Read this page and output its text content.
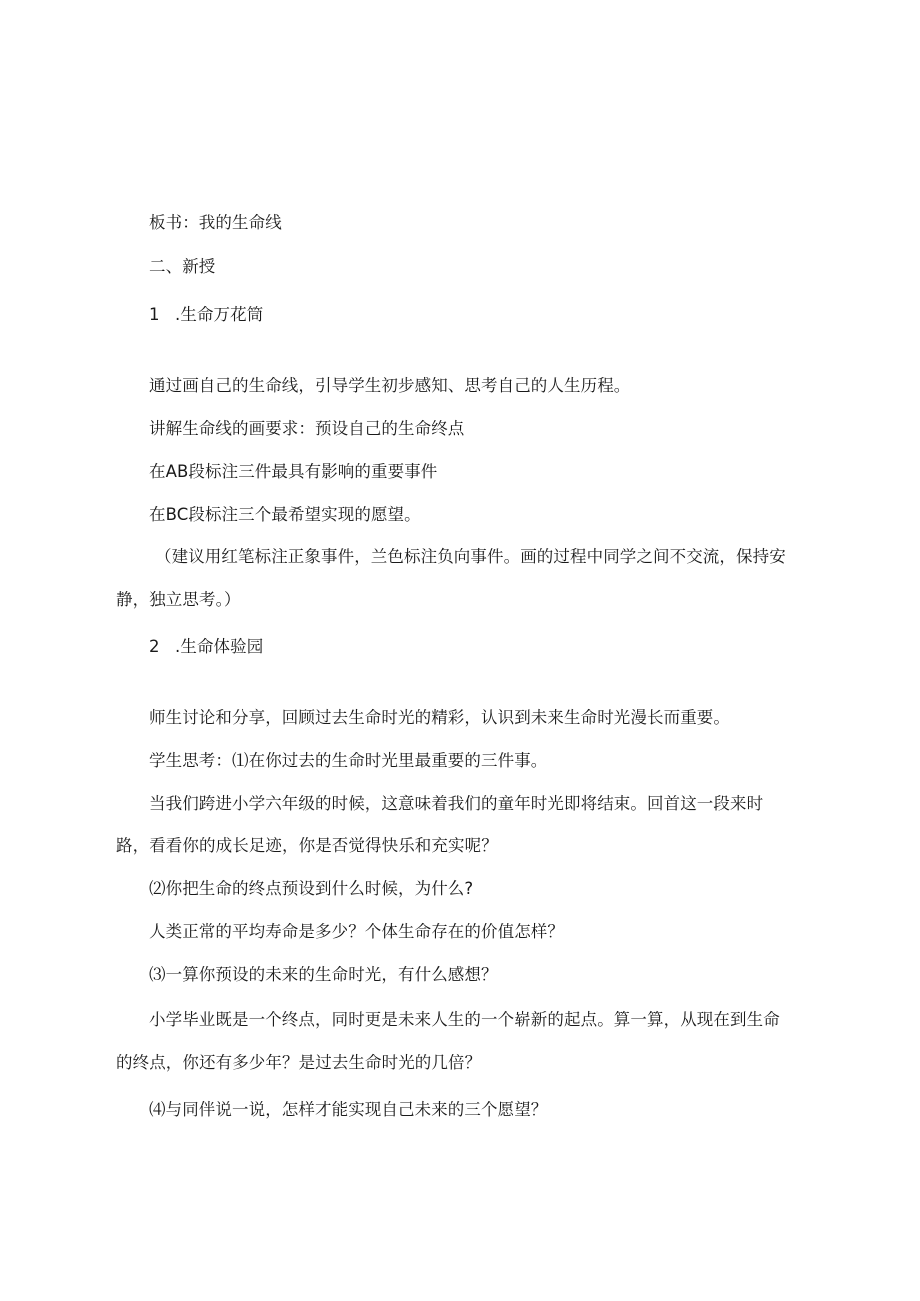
板书：我的生命线
二、新授
1 .生命万花筒
通过画自己的生命线，引导学生初步感知、思考自己的人生历程。
讲解生命线的画要求：预设自己的生命终点
在AB段标注三件最具有影响的重要事件
在BC段标注三个最希望实现的愿望。
（建议用红笔标注正象事件，兰色标注负向事件。画的过程中同学之间不交流，保持安
静，独立思考。）
2 .生命体验园
师生讨论和分享，回顾过去生命时光的精彩，认识到未来生命时光漫长而重要。
学生思考：⑴在你过去的生命时光里最重要的三件事。
当我们跨进小学六年级的时候，这意味着我们的童年时光即将结束。回首这一段来时
路，看看你的成长足迹，你是否觉得快乐和充实呢？
⑵你把生命的终点预设到什么时候，为什么?
人类正常的平均寿命是多少？个体生命存在的价值怎样？
⑶一算你预设的未来的生命时光，有什么感想？
小学毕业既是一个终点，同时更是未来人生的一个崭新的起点。算一算，从现在到生命
的终点，你还有多少年？是过去生命时光的几倍？
⑷与同伴说一说，怎样才能实现自己未来的三个愿望？
